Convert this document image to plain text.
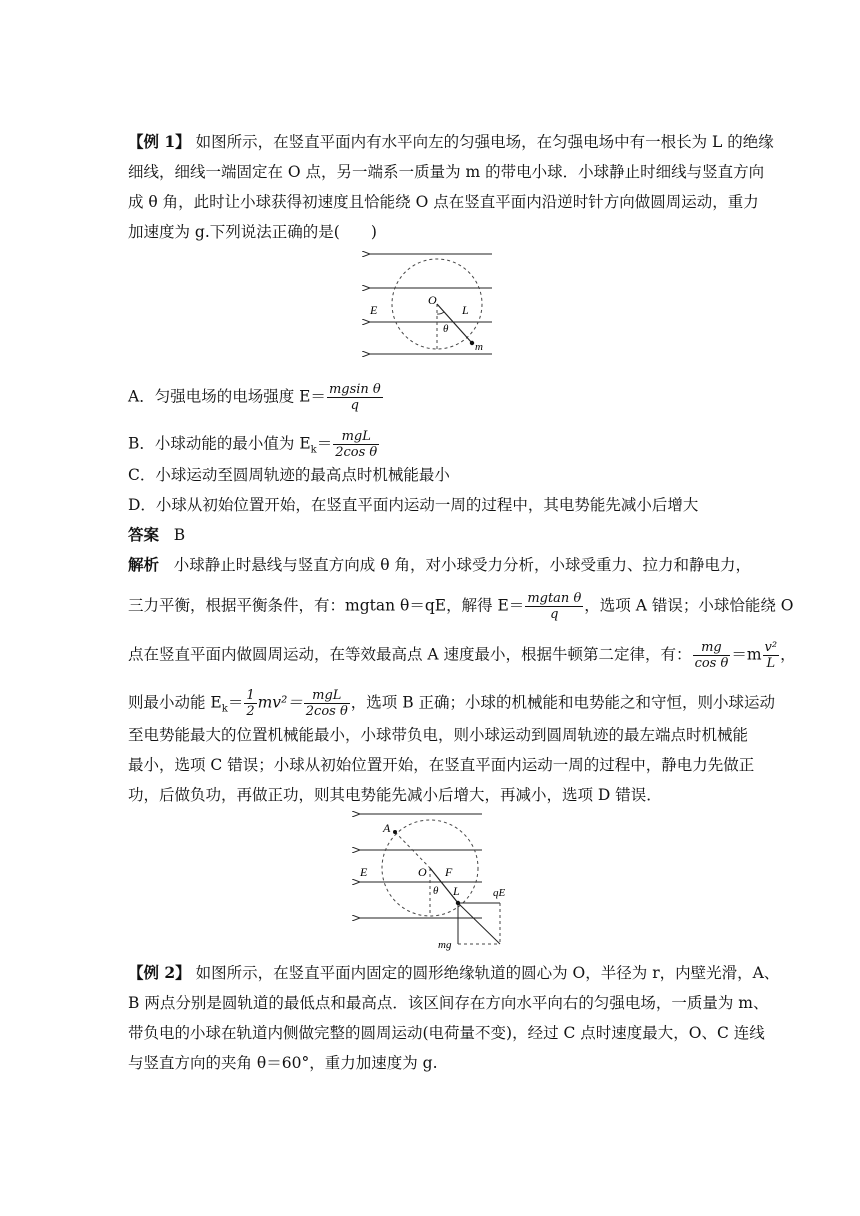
【例 1】 如图所示，在竖直平面内有水平向左的匀强电场，在匀强电场中有一根长为 L 的绝缘
细线，细线一端固定在 O 点，另一端系一质量为 m 的带电小球．小球静止时细线与竖直方向
成 θ 角，此时让小球获得初速度且恰能绕 O 点在竖直平面内沿逆时针方向做圆周运动，重力
加速度为 g.下列说法正确的是(　　)
O
L
E
θ
m
A．匀强电场的电场强度 $E= \frac{\text{mgsin θ}}{q}$
B．小球动能的最小值为 $E_k= \frac{\text{mgL}}{\text{2cos θ}}$
C．小球运动至圆周轨迹的最高点时机械能最小
D．小球从初始位置开始，在竖直平面内运动一周的过程中，其电势能先减小后增大
答案 B
解析 小球静止时悬线与竖直方向成 θ 角，对小球受力分析，小球受重力、拉力和静电力，
三力平衡，根据平衡条件，有：mgtan θ＝qE，解得 $E= \frac{\text{mgtan θ}}{q}$ ，选项 A 错误；小球恰能绕 O
点在竖直平面内做圆周运动，在等效最高点 A 速度最小，根据牛顿第二定律，有： $\frac{mg}{\text{cos θ}} =m \frac{\text{v²}}{L}$ ，
则最小动能 $E_k= \frac{1}{2} mv^2= \frac{\text{mgL}}{\text{2cos θ}}$ ，选项 B 正确；小球的机械能和电势能之和守恒，则小球运动
至电势能最大的位置机械能最小，小球带负电，则小球运动到圆周轨迹的最左端点时机械能
最小，选项 C 错误；小球从初始位置开始，在竖直平面内运动一周的过程中，静电力先做正
功，后做负功，再做正功，则其电势能先减小后增大，再减小，选项 D 错误．
A
E	O F
L
θ	qE
mg
【例 2】 如图所示，在竖直平面内固定的圆形绝缘轨道的圆心为 O，半径为 r，内壁光滑，A、
B 两点分别是圆轨道的最低点和最高点．该区间存在方向水平向右的匀强电场，一质量为 m、
带负电的小球在轨道内侧做完整的圆周运动(电荷量不变)，经过 C 点时速度最大，O、C 连线
与竖直方向的夹角 θ＝60°，重力加速度为 g.
